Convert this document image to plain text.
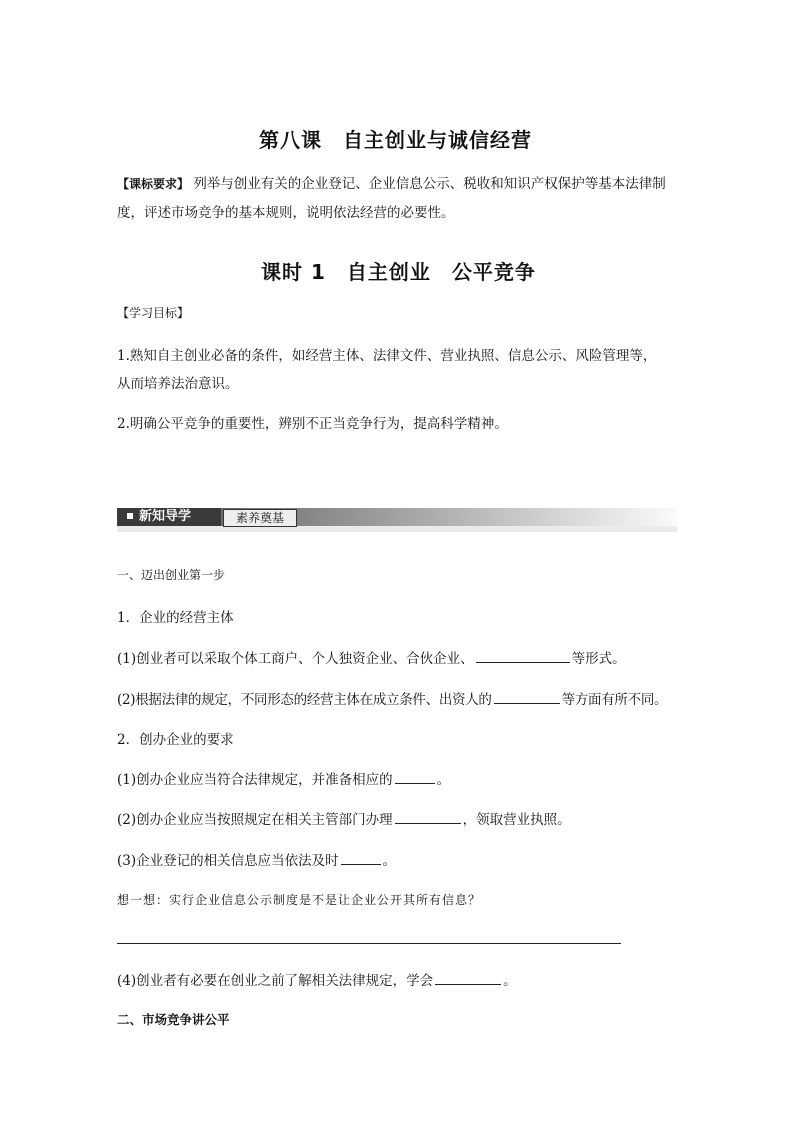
第八课　自主创业与诚信经营
【课标要求】 列举与创业有关的企业登记、企业信息公示、税收和知识产权保护等基本法律制
度，评述市场竞争的基本规则，说明依法经营的必要性。
课时 1　自主创业　公平竞争
【学习目标】
1.熟知自主创业必备的条件，如经营主体、法律文件、营业执照、信息公示、风险管理等，
从而培养法治意识。
2.明确公平竞争的重要性，辨别不正当竞争行为，提高科学精神。
新知导学	素养奠基
一、迈出创业第一步
1．企业的经营主体
(1)创业者可以采取个体工商户、个人独资企业、合伙企业、	等形式。
(2)根据法律的规定，不同形态的经营主体在成立条件、出资人的	等方面有所不同。
2．创办企业的要求
(1)创办企业应当符合法律规定，并准备相应的	。
(2)创办企业应当按照规定在相关主管部门办理	，领取营业执照。
(3)企业登记的相关信息应当依法及时	。
想一想：实行企业信息公示制度是不是让企业公开其所有信息？
(4)创业者有必要在创业之前了解相关法律规定，学会	。
二、市场竞争讲公平
